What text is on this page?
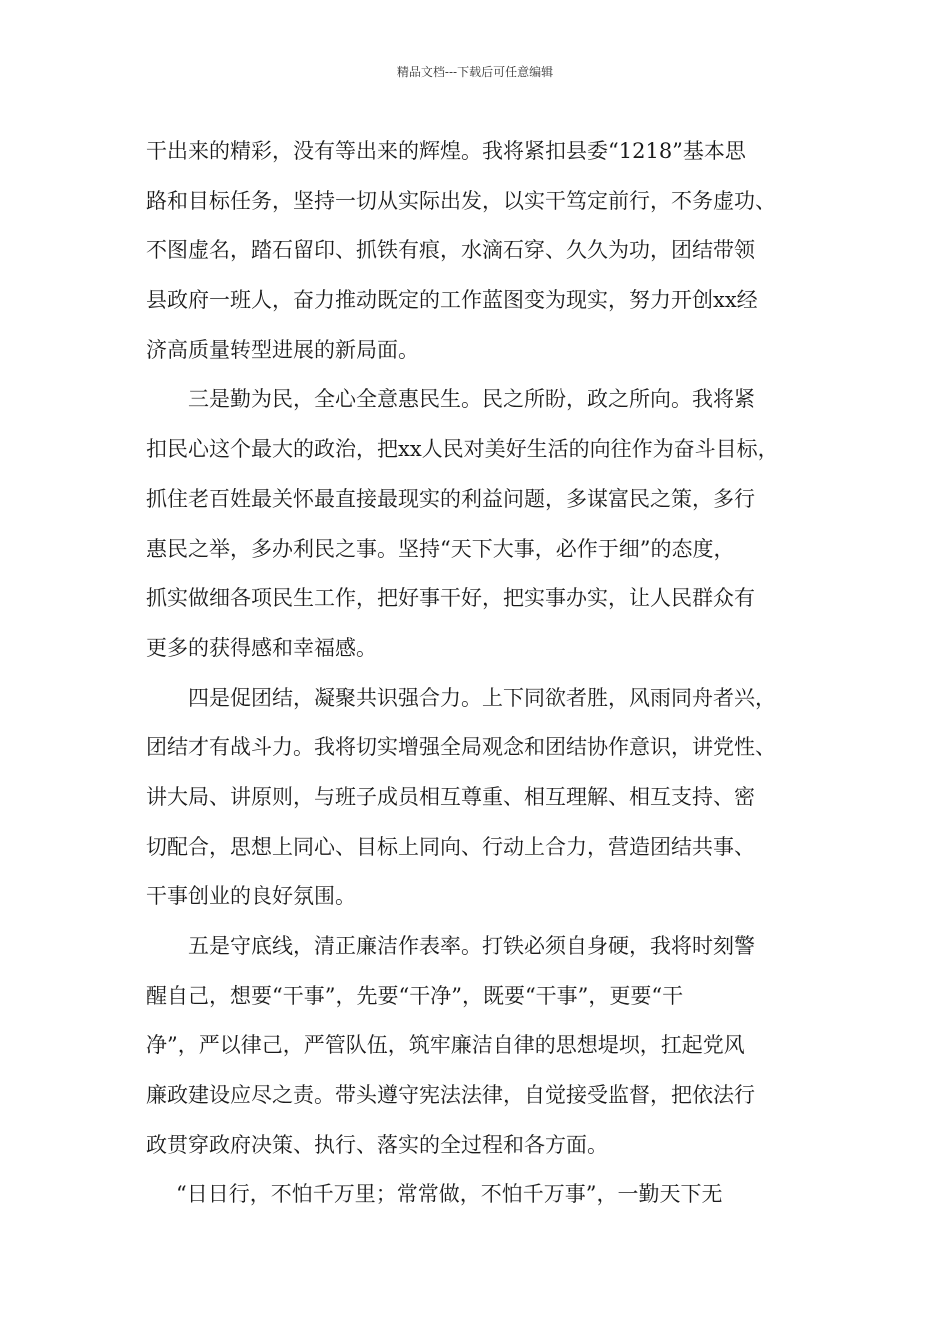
精品文档---下载后可任意编辑
干出来的精彩，没有等出来的辉煌。我将紧扣县委“1218”基本思
路和目标任务，坚持一切从实际出发，以实干笃定前行，不务虚功、
不图虚名，踏石留印、抓铁有痕，水滴石穿、久久为功，团结带领
县政府一班人，奋力推动既定的工作蓝图变为现实，努力开创xx经
济高质量转型进展的新局面。
三是勤为民，全心全意惠民生。民之所盼，政之所向。我将紧
扣民心这个最大的政治，把xx人民对美好生活的向往作为奋斗目标，
抓住老百姓最关怀最直接最现实的利益问题，多谋富民之策，多行
惠民之举，多办利民之事。坚持“天下大事，必作于细”的态度，
抓实做细各项民生工作，把好事干好，把实事办实，让人民群众有
更多的获得感和幸福感。
四是促团结，凝聚共识强合力。上下同欲者胜，风雨同舟者兴，
团结才有战斗力。我将切实增强全局观念和团结协作意识，讲党性、
讲大局、讲原则，与班子成员相互尊重、相互理解、相互支持、密
切配合，思想上同心、目标上同向、行动上合力，营造团结共事、
干事创业的良好氛围。
五是守底线，清正廉洁作表率。打铁必须自身硬，我将时刻警
醒自己，想要“干事”，先要“干净”，既要“干事”，更要“干
净”，严以律己，严管队伍，筑牢廉洁自律的思想堤坝，扛起党风
廉政建设应尽之责。带头遵守宪法法律，自觉接受监督，把依法行
政贯穿政府决策、执行、落实的全过程和各方面。
“日日行，不怕千万里；常常做，不怕千万事”，一勤天下无
